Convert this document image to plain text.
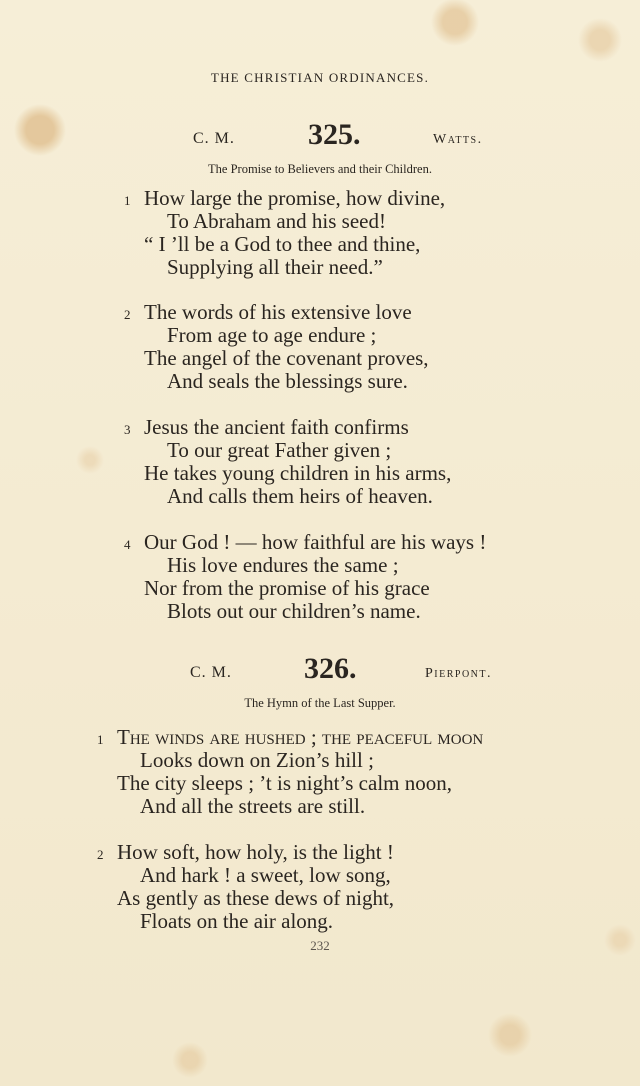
THE CHRISTIAN ORDINANCES.
C. M. 325.	Watts.
The Promise to Believers and their Children.
1 How large the promise, how divine,
To Abraham and his seed!
“ I ’ll be a God to thee and thine,
Supplying all their need.”
2 The words of his extensive love
From age to age endure ;
The angel of the covenant proves,
And seals the blessings sure.
3 Jesus the ancient faith confirms
To our great Father given ;
He takes young children in his arms,
And calls them heirs of heaven.
4 Our God ! — how faithful are his ways !
His love endures the same ;
Nor from the promise of his grace
Blots out our children’s name.
C. M. 326.	Pierpont.
The Hymn of the Last Supper.
1 The winds are hushed ; the peaceful moon
Looks down on Zion’s hill ;
The city sleeps ; ’t is night’s calm noon,
And all the streets are still.
2 How soft, how holy, is the light !
And hark ! a sweet, low song,
As gently as these dews of night,
Floats on the air along.
232
